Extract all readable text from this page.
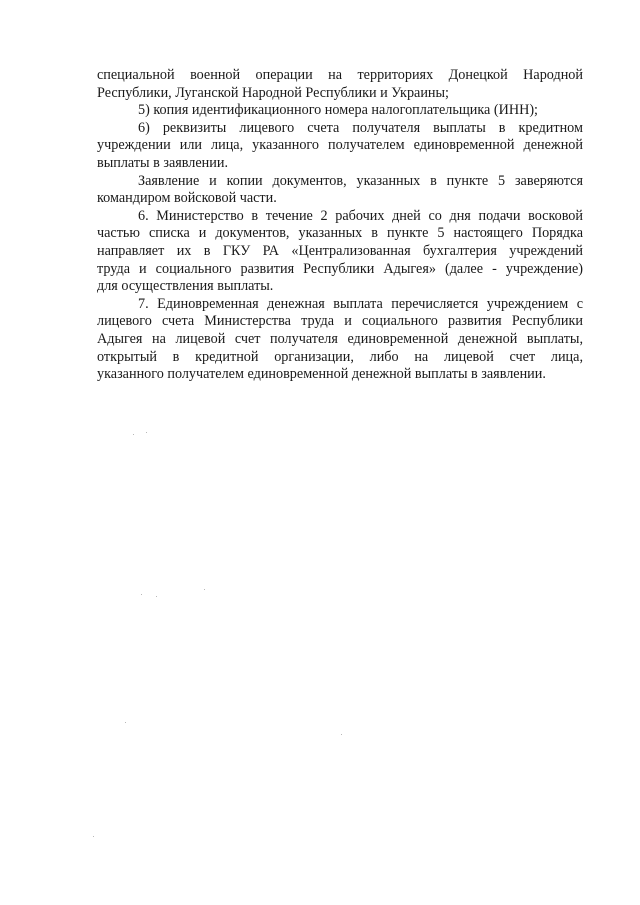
специальной военной операции на территориях Донецкой Народной
Республики, Луганской Народной Республики и Украины;
5) копия идентификационного номера налогоплательщика (ИНН);
6) реквизиты лицевого счета получателя выплаты в кредитном
учреждении или лица, указанного получателем единовременной денежной
выплаты в заявлении.
Заявление и копии документов, указанных в пункте 5 заверяются
командиром войсковой части.
6. Министерство в течение 2 рабочих дней со дня подачи восковой
частью списка и документов, указанных в пункте 5 настоящего Порядка
направляет их в ГКУ РА «Централизованная бухгалтерия учреждений
труда и социального развития Республики Адыгея» (далее - учреждение)
для осуществления выплаты.
7. Единовременная денежная выплата перечисляется учреждением с
лицевого счета Министерства труда и социального развития Республики
Адыгея на лицевой счет получателя единовременной денежной выплаты,
открытый в кредитной организации, либо на лицевой счет лица,
указанного получателем единовременной денежной выплаты в заявлении.
